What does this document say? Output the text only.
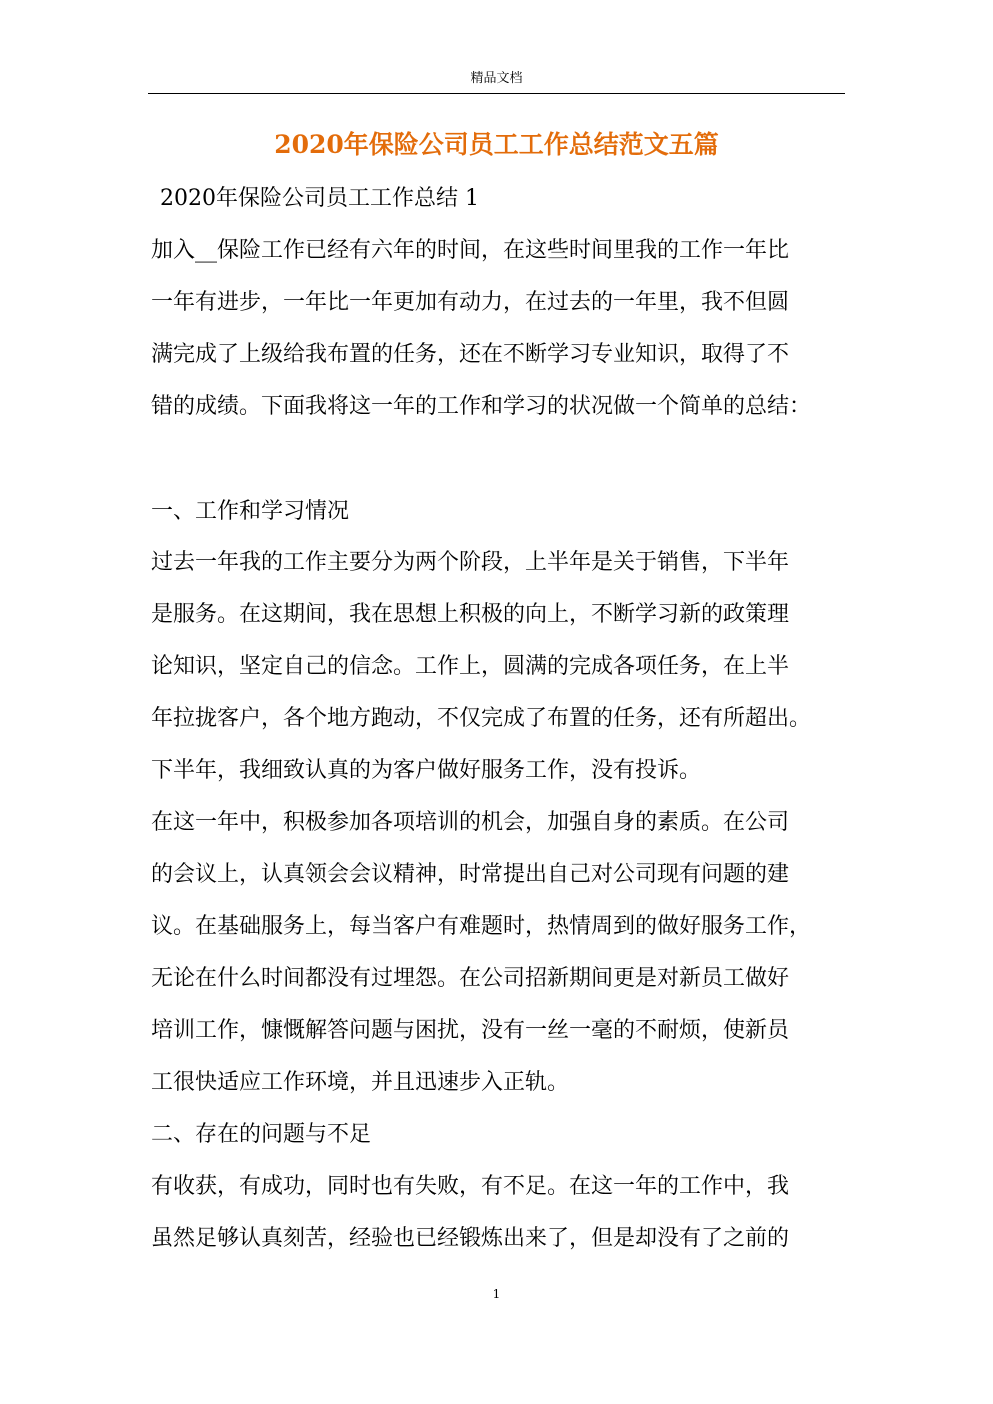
精品文档
2020年保险公司员工工作总结范文五篇
2020年保险公司员工工作总结 1
加入__保险工作已经有六年的时间，在这些时间里我的工作一年比
一年有进步，一年比一年更加有动力，在过去的一年里，我不但圆
满完成了上级给我布置的任务，还在不断学习专业知识，取得了不
错的成绩。下面我将这一年的工作和学习的状况做一个简单的总结：
一、工作和学习情况
过去一年我的工作主要分为两个阶段，上半年是关于销售，下半年
是服务。在这期间，我在思想上积极的向上，不断学习新的政策理
论知识，坚定自己的信念。工作上，圆满的完成各项任务，在上半
年拉拢客户，各个地方跑动，不仅完成了布置的任务，还有所超出。
下半年，我细致认真的为客户做好服务工作，没有投诉。
在这一年中，积极参加各项培训的机会，加强自身的素质。在公司
的会议上，认真领会会议精神，时常提出自己对公司现有问题的建
议。在基础服务上，每当客户有难题时，热情周到的做好服务工作，
无论在什么时间都没有过埋怨。在公司招新期间更是对新员工做好
培训工作，慷慨解答问题与困扰，没有一丝一毫的不耐烦，使新员
工很快适应工作环境，并且迅速步入正轨。
二、存在的问题与不足
有收获，有成功，同时也有失败，有不足。在这一年的工作中，我
虽然足够认真刻苦，经验也已经锻炼出来了，但是却没有了之前的
1
